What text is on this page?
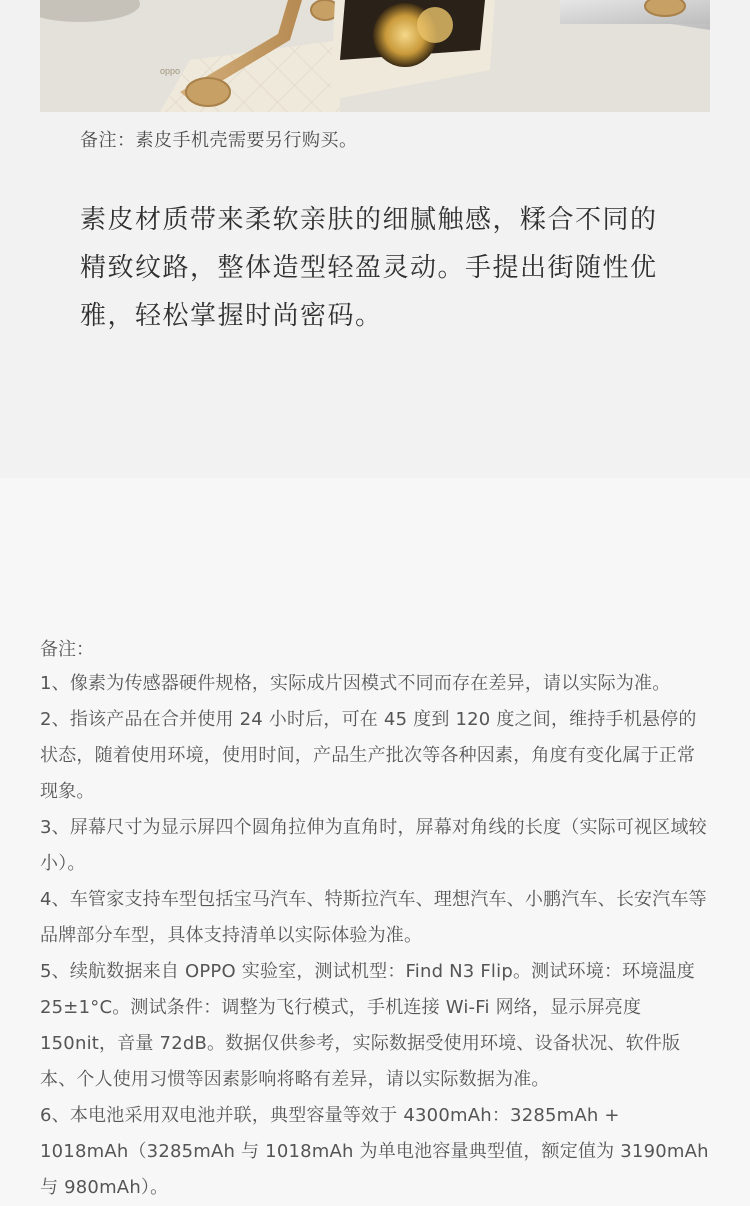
oppo
备注：素皮手机壳需要另行购买。
素皮材质带来柔软亲肤的细腻触感，糅合不同的精致纹路，整体造型轻盈灵动。手提出街随性优雅，轻松掌握时尚密码。
备注：
1、像素为传感器硬件规格，实际成片因模式不同而存在差异，请以实际为准。
2、指该产品在合并使用 24 小时后，可在 45 度到 120 度之间，维持手机悬停的状态，随着使用环境，使用时间，产品生产批次等各种因素，角度有变化属于正常现象。
3、屏幕尺寸为显示屏四个圆角拉伸为直角时，屏幕对角线的长度（实际可视区域较小）。
4、车管家支持车型包括宝马汽车、特斯拉汽车、理想汽车、小鹏汽车、长安汽车等品牌部分车型，具体支持清单以实际体验为准。
5、续航数据来自 OPPO 实验室，测试机型：Find N3 Flip。测试环境：环境温度 25±1°C。测试条件：调整为飞行模式，手机连接 Wi-Fi 网络，显示屏亮度 150nit，音量 72dB。数据仅供参考，实际数据受使用环境、设备状况、软件版本、个人使用习惯等因素影响将略有差异，请以实际数据为准。
6、本电池采用双电池并联，典型容量等效于 4300mAh：3285mAh + 1018mAh（3285mAh 与 1018mAh 为单电池容量典型值，额定值为 3190mAh 与 980mAh）。
